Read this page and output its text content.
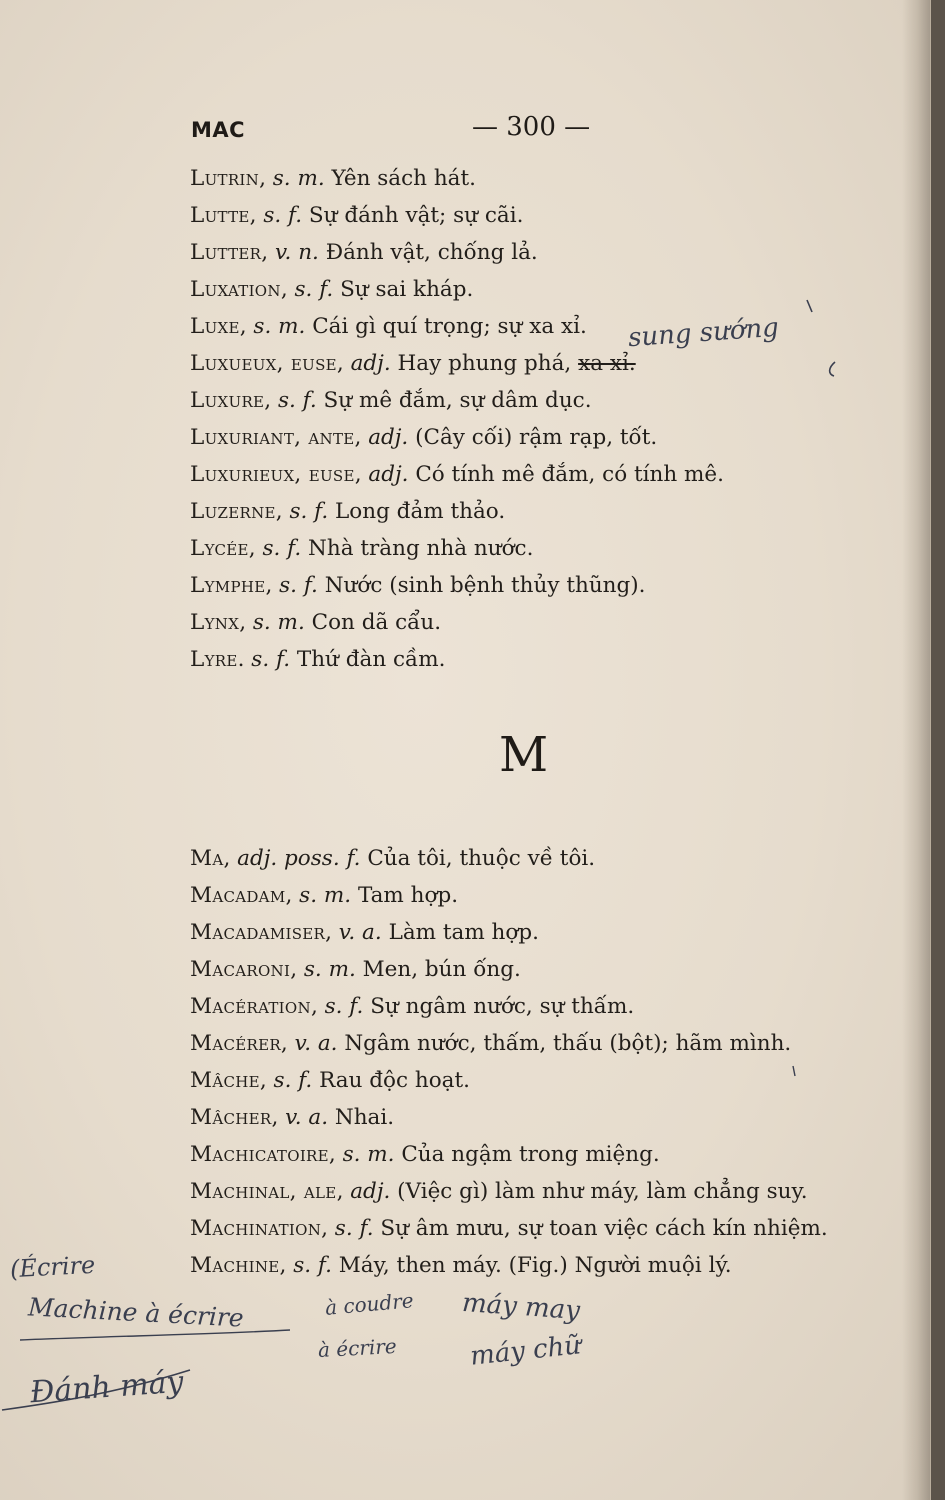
MAC	— 300 —
Lutrin, s. m. Yên sách hát.
Lutte, s. f. Sự đánh vật; sự cãi.
Lutter, v. n. Đánh vật, chống lả.
Luxation, s. f. Sự sai kháp.
Luxe, s. m. Cái gì quí trọng; sự xa xỉ.
Luxueux, euse, adj. Hay phung phá, xa xỉ.
Luxure, s. f. Sự mê đắm, sự dâm dục.
Luxuriant, ante, adj. (Cây cối) rậm rạp, tốt.
Luxurieux, euse, adj. Có tính mê đắm, có tính mê.
Luzerne, s. f. Long đảm thảo.
Lycée, s. f. Nhà tràng nhà nước.
Lymphe, s. f. Nước (sinh bệnh thủy thũng).
Lynx, s. m. Con dã cẩu.
Lyre. s. f. Thứ đàn cầm.
M
Ma, adj. poss. f. Của tôi, thuộc về tôi.
Macadam, s. m. Tam hợp.
Macadamiser, v. a. Làm tam hợp.
Macaroni, s. m. Men, bún ống.
Macération, s. f. Sự ngâm nước, sự thấm.
Macérer, v. a. Ngâm nước, thấm, thấu (bột); hãm mình.
Mâche, s. f. Rau độc hoạt.
Mâcher, v. a. Nhai.
Machicatoire, s. m. Của ngậm trong miệng.
Machinal, ale, adj. (Việc gì) làm như máy, làm chẳng suy.
Machination, s. f. Sự âm mưu, sự toan việc cách kín nhiệm.
Machine, s. f. Máy, then máy. (Fig.) Người muội lý.
sung sướng
(Écrire
Machine à écrire
Đánh máy
à coudre máy may
à écrire	máy chữ
